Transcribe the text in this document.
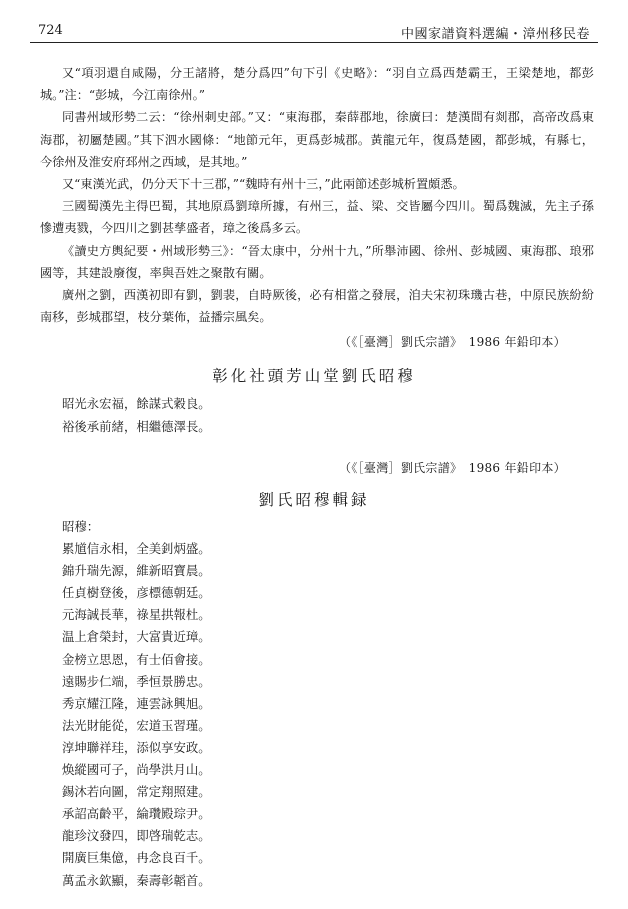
724	中國家譜資料選編・漳州移民卷

又“項羽還自咸陽，分王諸將，楚分爲四”句下引《史略》：“羽自立爲西楚霸王，王梁楚地，都彭城。”注：“彭城，今江南徐州。”

同書州域形勢二云：“徐州刺史部。”又：“東海郡，秦薛郡地，徐廣曰：楚漢間有剡郡，高帝改爲東海郡，初屬楚國。”其下泗水國條：“地節元年，更爲彭城郡。黃龍元年，復爲楚國，都彭城，有縣七，今徐州及淮安府邳州之西域，是其地。”

又“東漢光武，仍分天下十三郡，”“魏時有州十三，”此兩節述彭城析置頗悉。

三國蜀漢先主得巴蜀，其地原爲劉璋所據，有州三，益、梁、交皆屬今四川。蜀爲魏滅，先主子孫慘遭夷戮，今四川之劉甚孳盛者，璋之後爲多云。

《讀史方輿紀要・州域形勢三》：“晉太康中，分州十九，”所舉沛國、徐州、彭城國、東海郡、琅邪國等，其建設廢復，率與吾姓之聚散有關。

廣州之劉，西漢初即有劉，劉裴，自時厥後，必有相當之發展，洎夫宋初珠璣古巷，中原民族紛紛南移，彭城郡望，枝分葉佈，益播宗風矣。

（《［臺灣］劉氏宗譜》　1986 年鉛印本）
彰化社頭芳山堂劉氏昭穆
昭光永宏福，餘謀式穀良。
裕後承前緒，相繼德澤長。
（《［臺灣］劉氏宗譜》　1986 年鉛印本）
劉氏昭穆輯録
昭穆：
累馗信永相，全美釗炳盛。
錦升瑞先源，維新昭寶晨。
任貞樹登後，彦標德朝廷。
元海誠長華，祿星拱報杜。
温上倉榮封，大富貴近璋。
金榜立思恩，有士佰會接。
遠賜步仁端，季恒景勝忠。
秀京耀江隆，連雲詠興旭。
法光財能從，宏道玉習瑾。
淳坤聯祥珪，添似享安政。
焕縱國可子，尚學洪月山。
錫沐若向圖，常定翔照建。
承詔高齡平，綸瓚殿琮尹。
龍珍汶發四，即啓瑞乾志。
開廣巨集億，冉念良百千。
萬孟永欽顯，秦壽彰韜首。
